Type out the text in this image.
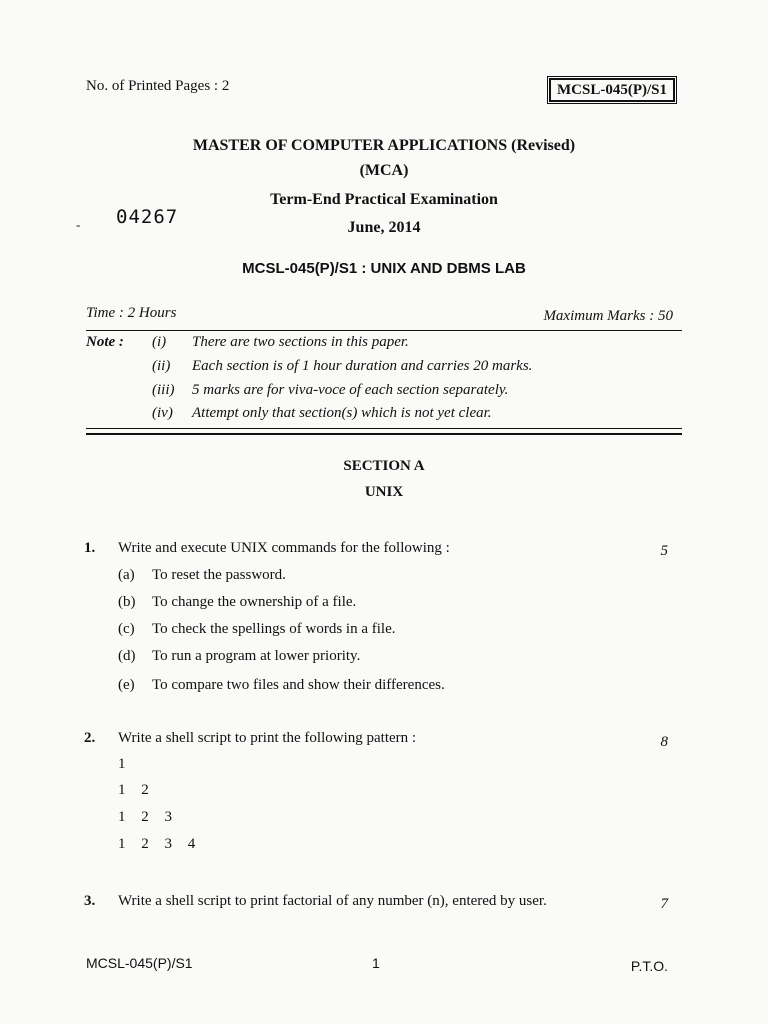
No. of Printed Pages : 2	MCSL-045(P)/S1
MASTER OF COMPUTER APPLICATIONS (Revised)
(MCA)
Term-End Practical Examination
June, 2014
- 04267
MCSL-045(P)/S1 : UNIX AND DBMS LAB
Time : 2 Hours	Maximum Marks : 50
Note : (i) There are two sections in this paper.
(ii) Each section is of 1 hour duration and carries 20 marks.
(iii) 5 marks are for viva-voce of each section separately.
(iv) Attempt only that section(s) which is not yet clear.
SECTION A
UNIX
1. Write and execute UNIX commands for the following :	5
(a) To reset the password.
(b) To change the ownership of a file.
(c) To check the spellings of words in a file.
(d) To run a program at lower priority.
(e) To compare two files and show their differences.
2. Write a shell script to print the following pattern :	8
1
1 2
1 2 3
1 2 3 4
3. Write a shell script to print factorial of any number (n), entered by user.	7
MCSL-045(P)/S1	1	P.T.O.
